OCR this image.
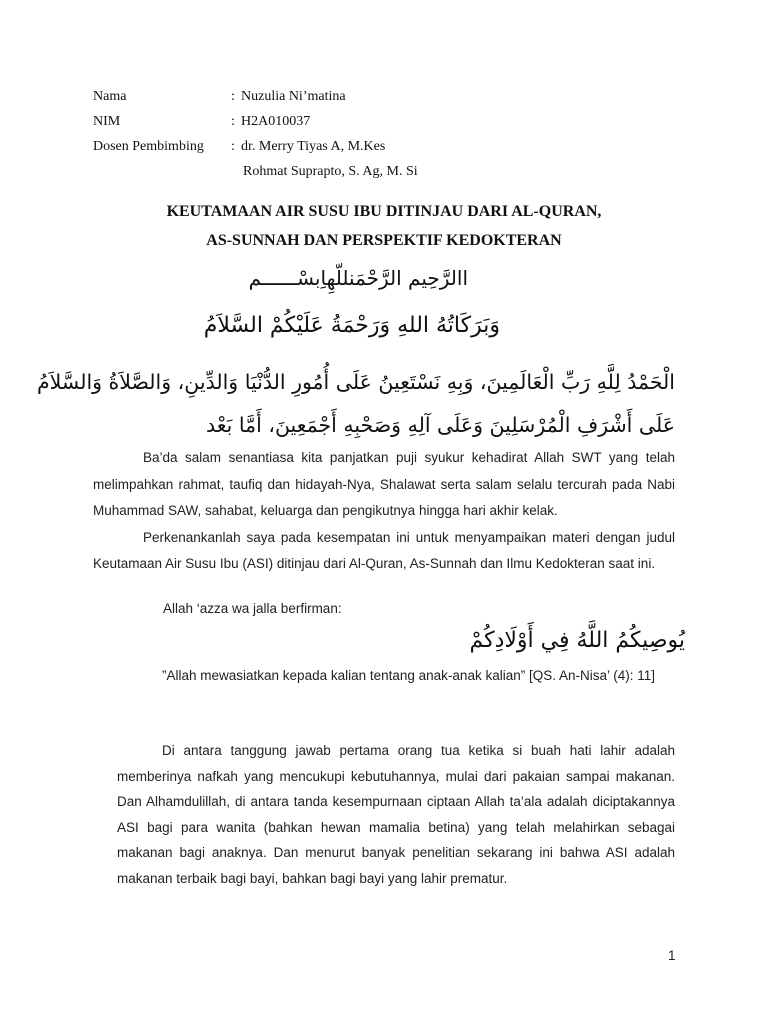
Nama	: Nuzulia Ni’matina
NIM	: H2A010037
Dosen Pembimbing : dr. Merry Tiyas A, M.Kes
Rohmat Suprapto, S. Ag, M. Si
KEUTAMAAN AIR SUSU IBU DITINJAU DARI AL-QURAN,
AS-SUNNAH DAN PERSPEKTIF KEDOKTERAN
االرَّحِيم الرَّحْمَنللّهِاِبسْــــــم
وَبَرَكَاتُهُ اللهِ وَرَحْمَةُ عَلَيْكُمْ السَّلاَمُ
الْحَمْدُ لِلَّهِ رَبِّ الْعَالَمِينَ، وَبِهِ نَسْتَعِينُ عَلَى أُمُورِ الدُّنْيَا وَالدِّينِ، وَالصَّلاَةُ وَالسَّلاَمُ
عَلَى أَشْرَفِ الْمُرْسَلِينَ وَعَلَى آلِهِ وَصَحْبِهِ أَجْمَعِينَ، أَمَّا بَعْد

Ba’da salam senantiasa kita panjatkan puji syukur kehadirat Allah SWT yang telah melimpahkan rahmat, taufiq dan hidayah-Nya, Shalawat serta salam selalu tercurah pada Nabi Muhammad SAW, sahabat, keluarga dan pengikutnya hingga hari akhir kelak.

Perkenankanlah saya pada kesempatan ini untuk menyampaikan materi dengan judul Keutamaan Air Susu Ibu (ASI) ditinjau dari Al-Quran, As-Sunnah dan Ilmu Kedokteran saat ini.

Allah ‘azza wa jalla berfirman:
يُوصِيكُمُ اللَّهُ فِي أَوْلَادِكُمْ
”Allah mewasiatkan kepada kalian tentang anak-anak kalian” [QS. An-Nisa’ (4): 11]
Di antara tanggung jawab pertama orang tua ketika si buah hati lahir adalah memberinya nafkah yang mencukupi kebutuhannya, mulai dari pakaian sampai makanan. Dan Alhamdulillah, di antara tanda kesempurnaan ciptaan Allah ta’ala adalah diciptakannya ASI bagi para wanita (bahkan hewan mamalia betina) yang telah melahirkan sebagai makanan bagi anaknya. Dan menurut banyak penelitian sekarang ini bahwa ASI adalah makanan terbaik bagi bayi, bahkan bagi bayi yang lahir prematur.
1
